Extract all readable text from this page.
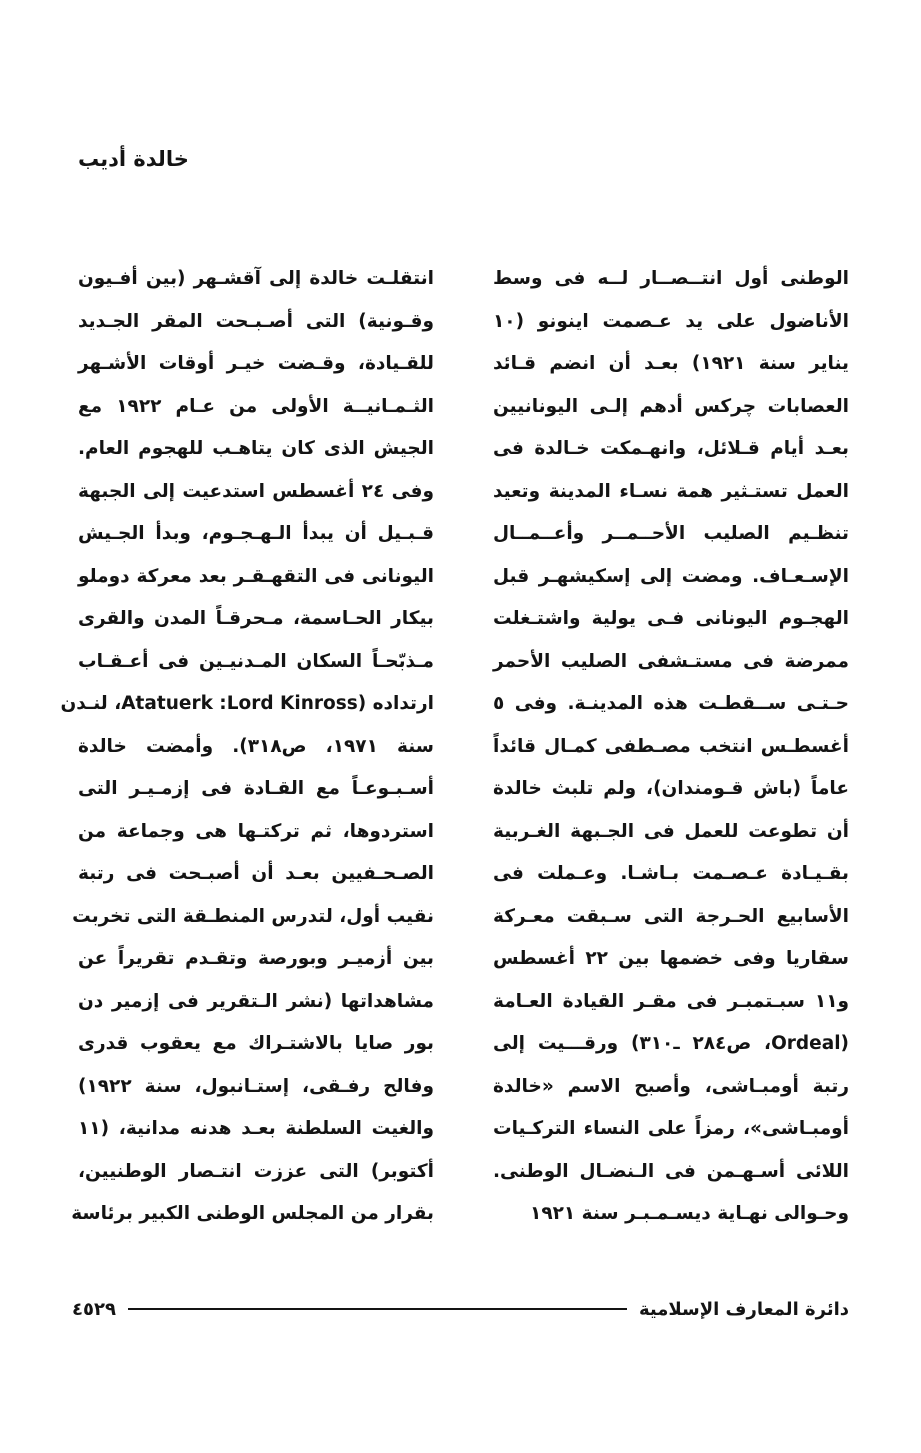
خالدة أديب
الوطنى أول انتــصــار لــه فى وسط
الأناضول على يد عـصمت اينونو (١٠
يناير سنة ١٩٢١) بعـد أن انضم قـائد
العصابات چركس أدهم إلـى اليونانيين
بعـد أيام قـلائل، وانهـمكت خـالدة فى
العمل تستـثير همة نسـاء المدينة وتعيد
تنظـيم الصليب الأحــمــر وأعــمــال
الإسـعـاف. ومضت إلى إسكيشهـر قبل
الهجـوم اليونانى فـى يولية واشتـغلت
ممرضة فى مستـشفى الصليب الأحمر
حـتـى ســقطـت هذه المدينـة. وفى ٥
أغسطـس انتخب مصـطفى كمـال قائداً
عاماً (باش قـومندان)، ولم تلبث خالدة
أن تطوعت للعمل فى الجـبهة الغـربية
بقـيـادة عـصـمت بـاشـا. وعـملت فى
الأسابيع الحـرجة التى سـبقت معـركة
سقاريا وفى خضمها بين ٢٢ أغسطس
و١١ سبـتمبـر فى مقـر القيادة العـامة
(Ordeal، ص٢٨٤ ـ٣١٠) ورقـــيت إلى
رتبة أومبـاشى، وأصبح الاسم «خالدة
أومبـاشى»، رمزاً على النساء التركـيات
اللائى أسـهـمن فى الـنضـال الوطنى.
وحـوالى نهـاية ديسـمـبـر سنة ١٩٢١
انتقلـت خالدة إلى آقشـهر (بين أفـيون
وقـونية) التى أصـبـحت المقر الجـديد
للقـيادة، وقـضت خيـر أوقات الأشـهر
الثـمـانيــة الأولى من عـام ١٩٢٢ مع
الجيش الذى كان يتاهـب للهجوم العام.
وفى ٢٤ أغسطس استدعيت إلى الجبهة
قـبـيل أن يبدأ الـهـجـوم، وبدأ الجـيش
اليونانى فى التقهـقـر بعد معركة دوملو
بيكار الحـاسمة، مـحرقـاً المدن والقرى
مـذبّحـاً السكان المـدنيـين فى أعـقـاب
ارتداده (Atatuerk :Lord Kinross، لنـدن
سنة ١٩٧١، ص٣١٨). وأمضت خالدة
أسـبـوعـاً مع القـادة فى إزمـيـر التى
استردوها، ثم تركتـها هى وجماعة من
الصـحـفيين بعـد أن أصبـحت فى رتبة
نقيب أول، لتدرس المنطـقة التى تخربت
بين أزميـر وبورصة وتقـدم تقريراً عن
مشاهداتها (نشر الـتقرير فى إزمير دن
بور صايا بالاشتـراك مع يعقوب قدرى
وفالح رفـقى، إستـانبول، سنة ١٩٢٢)
والغيت السلطنة بعـد هدنه مدانية، (١١
أكتوبر) التى عززت انتـصار الوطنيين،
بقرار من المجلس الوطنى الكبير برئاسة
دائرة المعارف الإسلامية
٤٥٢٩
